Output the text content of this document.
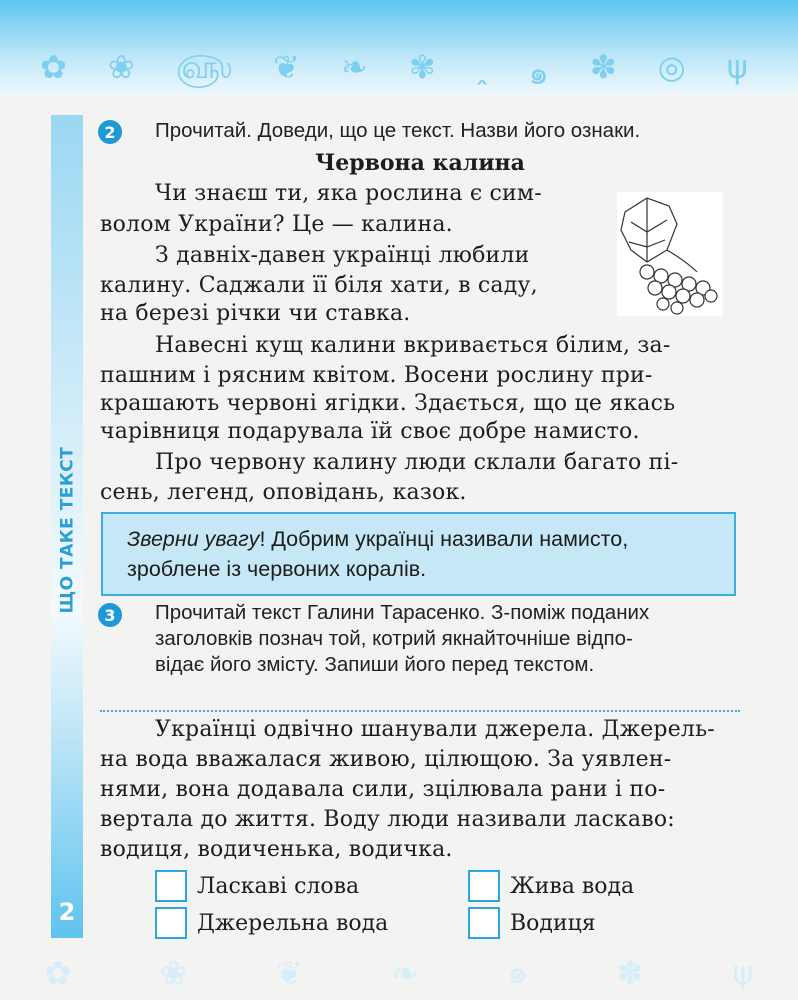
✿ ❀ ௵ ❦ ❧ ✾ ꞈ ๑ ✽ ◎ ψ
ЩО ТАКЕ ТЕКСТ
2
2	Прочитай. Доведи, що це текст. Назви його ознаки.
Червона калина
Чи знаєш ти, яка рослина є сим-
волом України? Це — калина.
З давніх-давен українці любили
калину. Саджали її біля хати, в саду,
на березі річки чи ставка.
Навесні кущ калини вкривається білим, за-
пашним і рясним квітом. Восени рослину при-
крашають червоні ягідки. Здається, що це якась
чарівниця подарувала їй своє добре намисто.
Про червону калину люди склали багато пі-
сень, легенд, оповідань, казок.
Зверни увагу! Добрим українці називали намисто,
зроблене із червоних коралів.
3	Прочитай текст Галини Тарасенко. З-поміж поданих
заголовків познач той, котрий якнайточніше відпо-
відає його змісту. Запиши його перед текстом.
Українці одвічно шанували джерела. Джерель-
на вода вважалася живою, цілющою. За уявлен-
нями, вона додавала сили, зцілювала рани і по-
вертала до життя. Воду люди називали лаcкаво:
водиця, водиченька, водичка.
Ласкаві слова	Жива вода
Джерельна вода	Водиця
✿	❀	❦	❧	๑	✽	ψ
